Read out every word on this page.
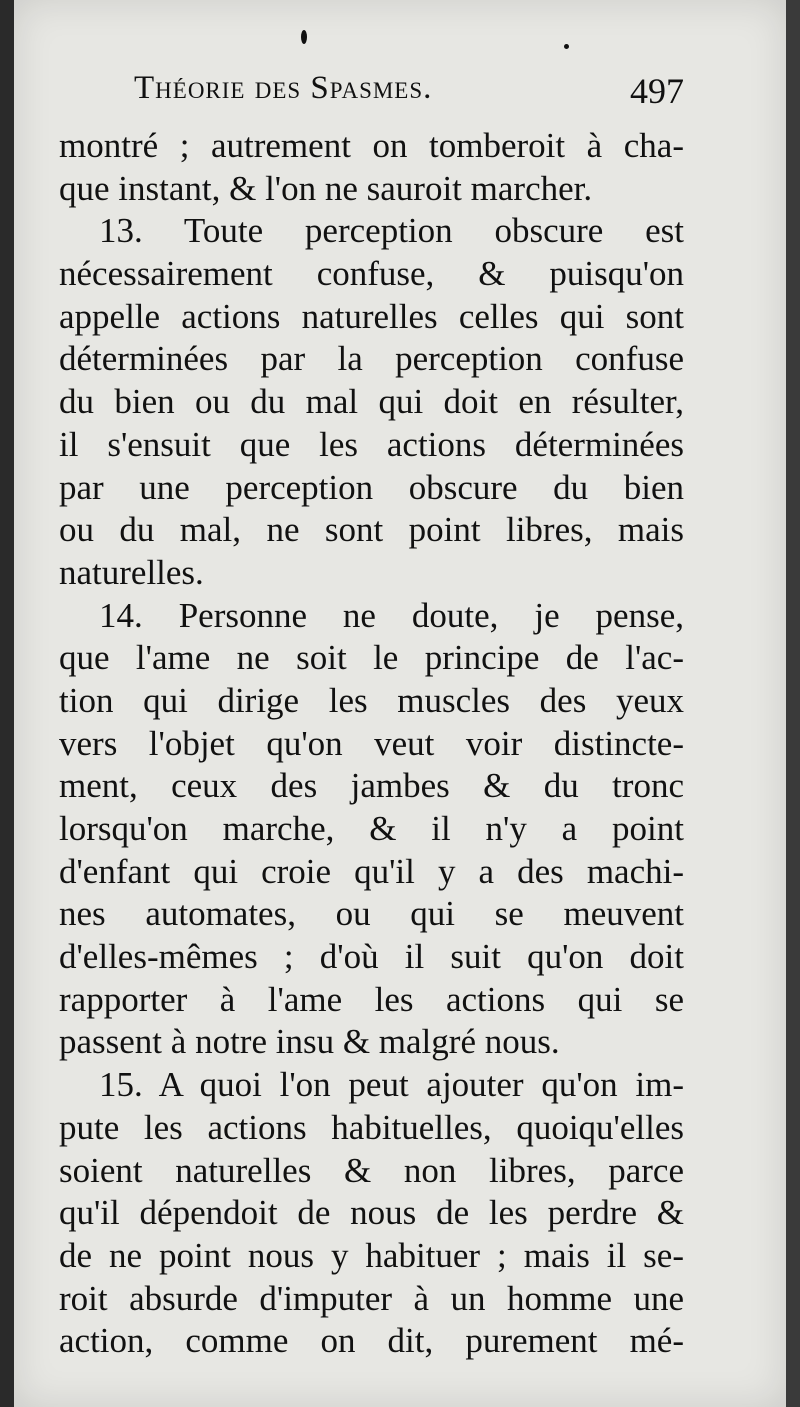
Théorie des Spasmes.	497
montré ; autrement on tomberoit à cha-
que instant, & l'on ne sauroit marcher.
13. Toute perception obscure est
nécessairement confuse, & puisqu'on
appelle actions naturelles celles qui sont
déterminées par la perception confuse
du bien ou du mal qui doit en résulter,
il s'ensuit que les actions déterminées
par une perception obscure du bien
ou du mal, ne sont point libres, mais
naturelles.
14. Personne ne doute, je pense,
que l'ame ne soit le principe de l'ac-
tion qui dirige les muscles des yeux
vers l'objet qu'on veut voir distincte-
ment, ceux des jambes & du tronc
lorsqu'on marche, & il n'y a point
d'enfant qui croie qu'il y a des machi-
nes automates, ou qui se meuvent
d'elles-mêmes ; d'où il suit qu'on doit
rapporter à l'ame les actions qui se
passent à notre insu & malgré nous.
15. A quoi l'on peut ajouter qu'on im-
pute les actions habituelles, quoiqu'elles
soient naturelles & non libres, parce
qu'il dépendoit de nous de les perdre &
de ne point nous y habituer ; mais il se-
roit absurde d'imputer à un homme une
action, comme on dit, purement mé-
